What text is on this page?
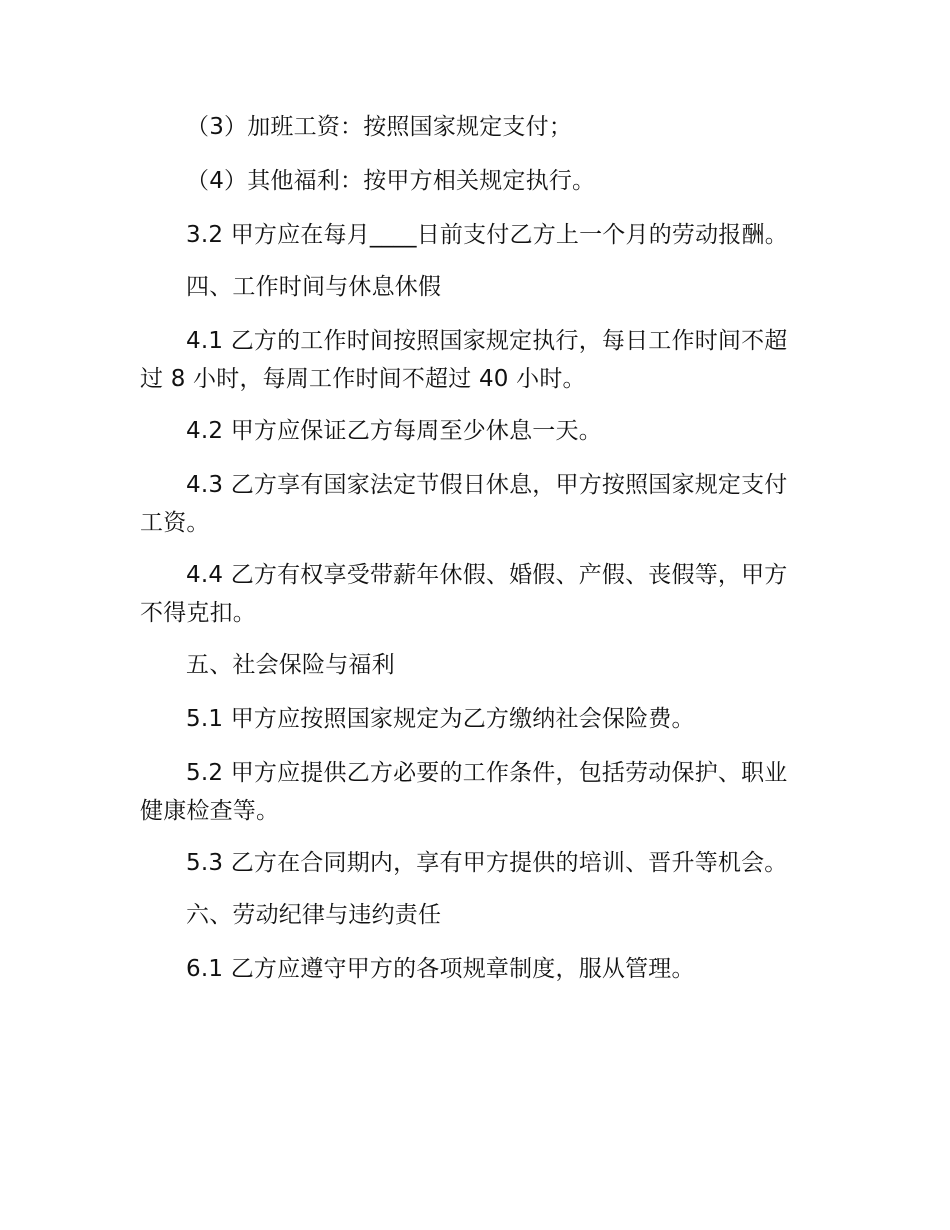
（3）加班工资：按照国家规定支付；

（4）其他福利：按甲方相关规定执行。

3.2 甲方应在每月____日前支付乙方上一个月的劳动报酬。

四、工作时间与休息休假

4.1 乙方的工作时间按照国家规定执行，每日工作时间不超过 8 小时，每周工作时间不超过 40 小时。

4.2 甲方应保证乙方每周至少休息一天。

4.3 乙方享有国家法定节假日休息，甲方按照国家规定支付工资。

4.4 乙方有权享受带薪年休假、婚假、产假、丧假等，甲方不得克扣。

五、社会保险与福利

5.1 甲方应按照国家规定为乙方缴纳社会保险费。

5.2 甲方应提供乙方必要的工作条件，包括劳动保护、职业健康检查等。

5.3 乙方在合同期内，享有甲方提供的培训、晋升等机会。

六、劳动纪律与违约责任

6.1 乙方应遵守甲方的各项规章制度，服从管理。
